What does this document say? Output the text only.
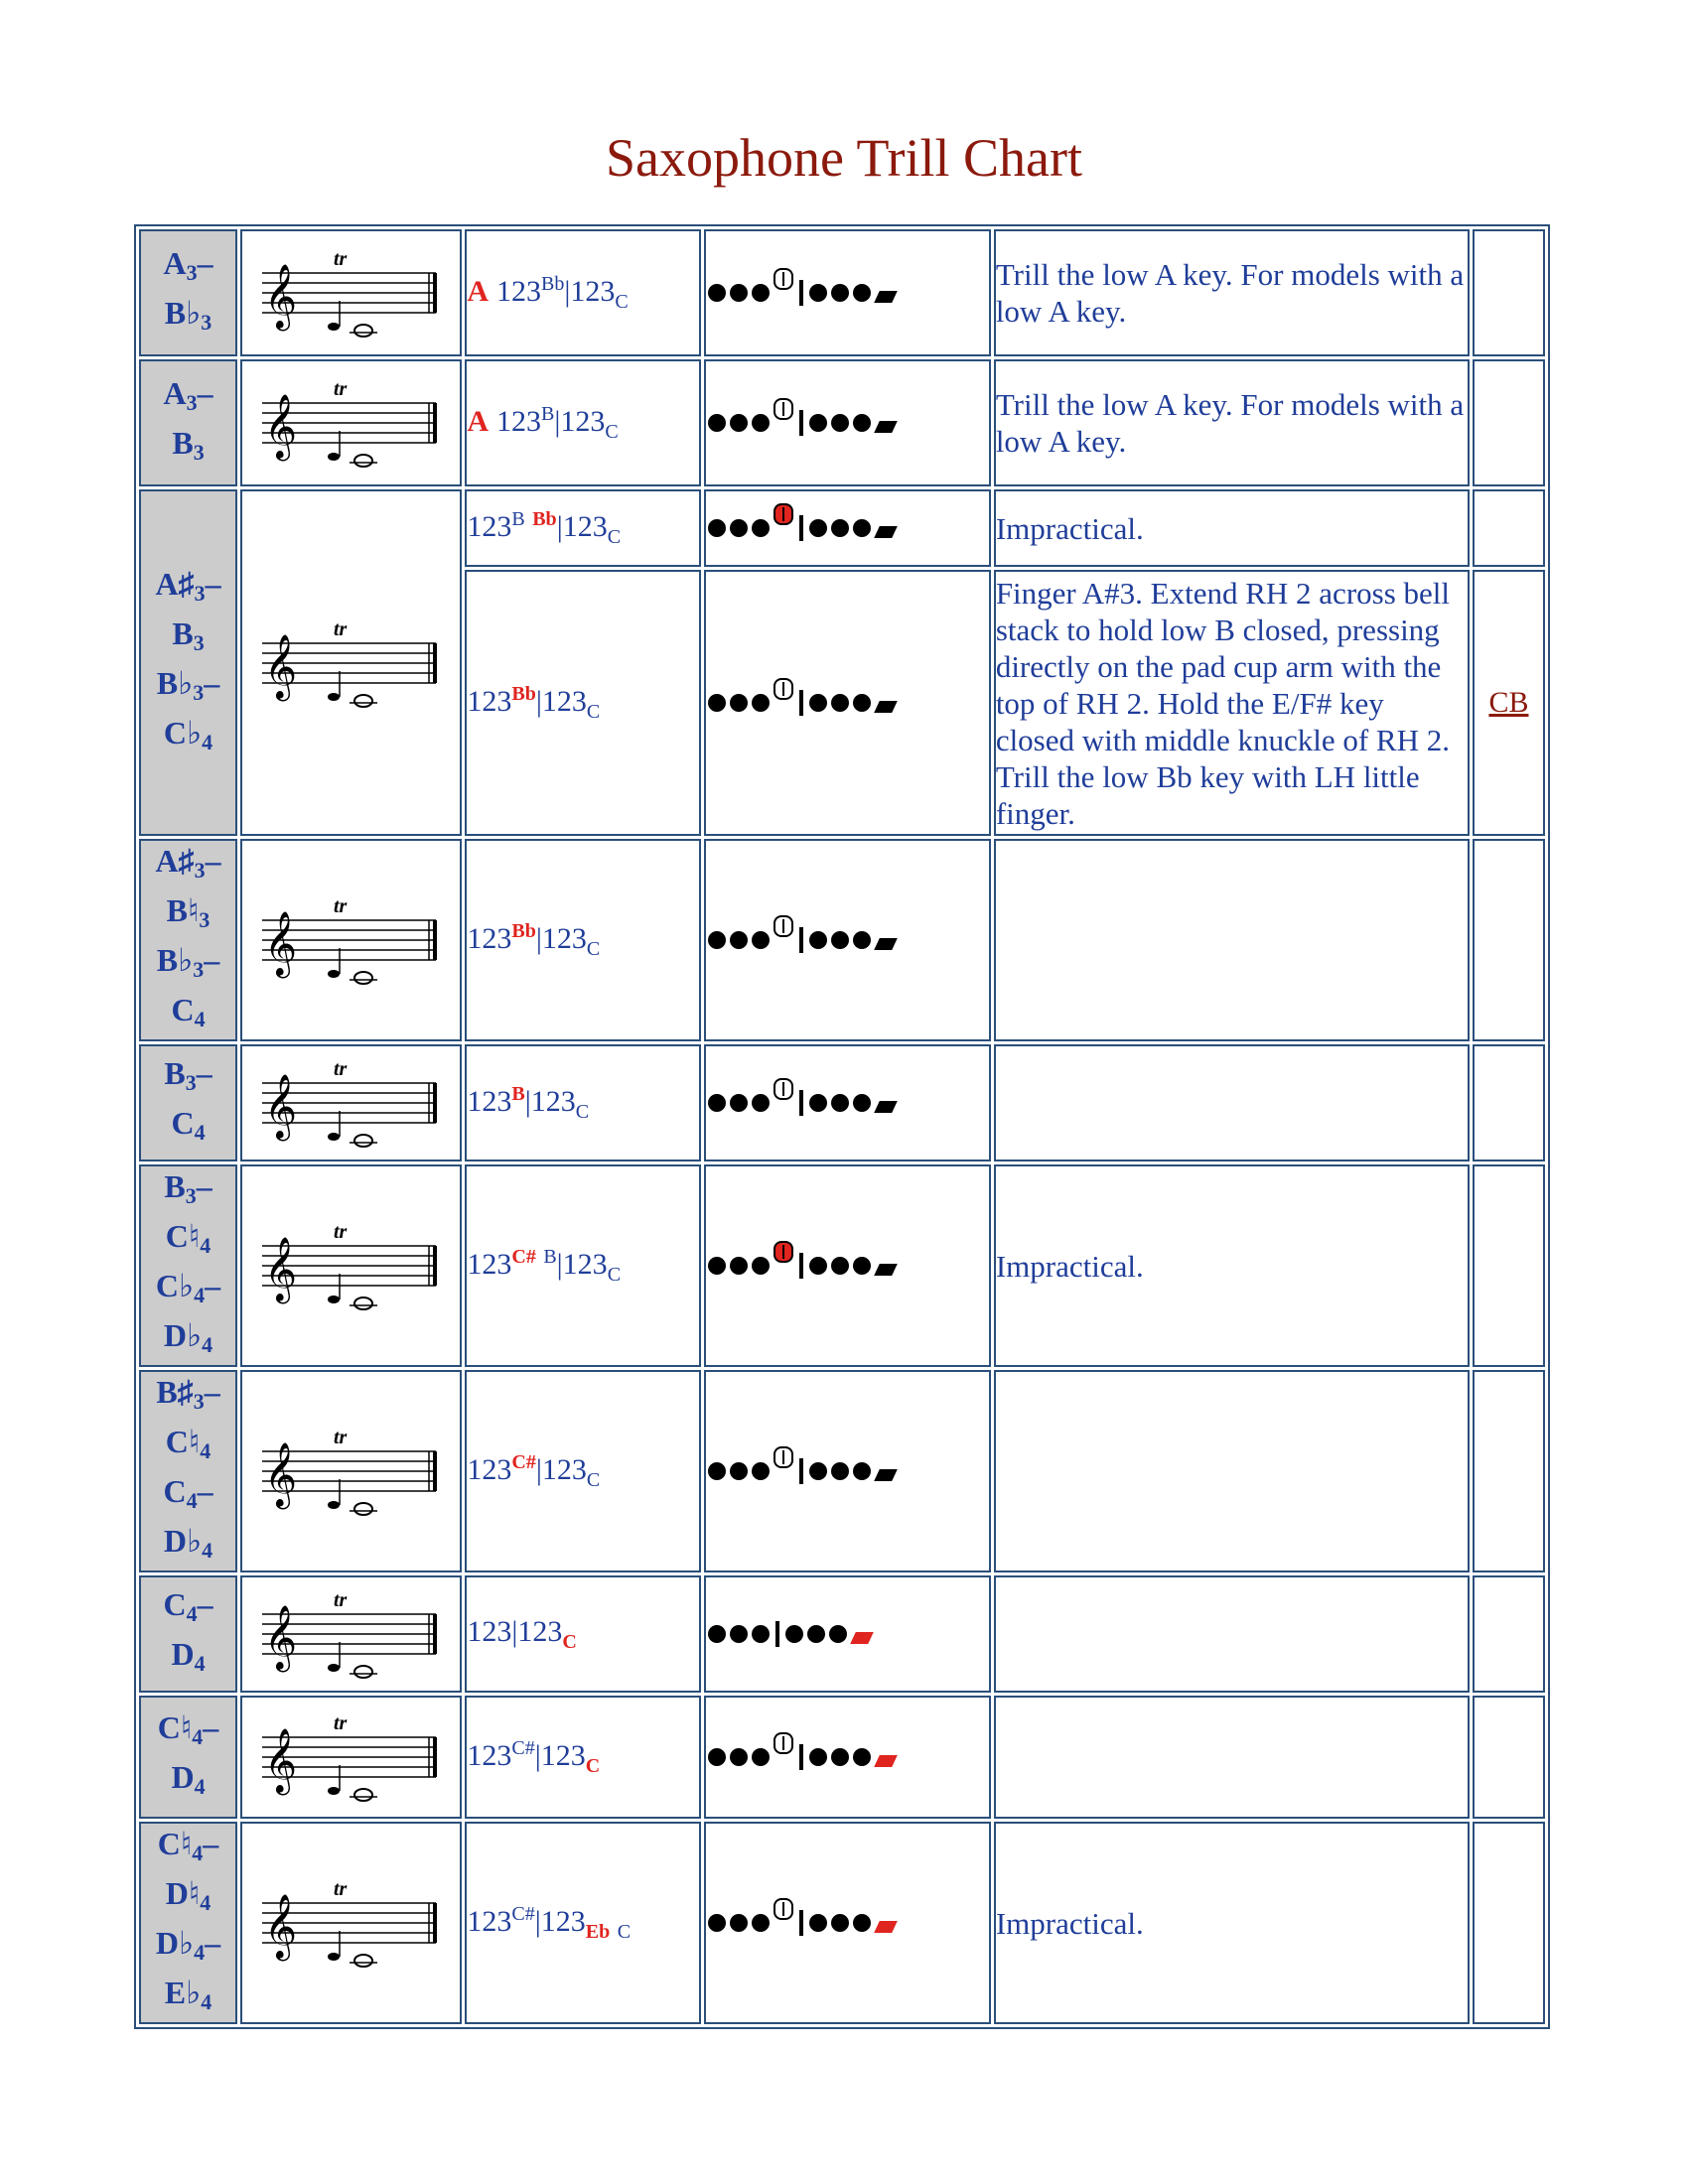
Saxophone Trill Chart
$A_3-$
$B♭_3$	𝄞
tr	A $123^{Bb}|123_C$		Trill the low A key. For models with a low A key.	
$A_3-$
$B_3$	𝄞
tr	A $123^B|123_C$		Trill the low A key. For models with a low A key.	
$A♯_3-$
$B_3$
$B♭_3-$
$C♭_4$	𝄞
tr	$123^B$ $^{Bb}|123_C$		Impractical.	
		$123^{Bb}|123_C$		Finger A#3. Extend RH 2 across bell stack to hold low B closed, pressing directly on the pad cup arm with the top of RH 2. Hold the E/F# key closed with middle knuckle of RH 2. Trill the low Bb key with LH little finger.	CB
$A♯_3-$
$B♮_3$
$B♭_3-$
$C_4$	𝄞
tr	$123^{Bb}|123_C$	

$B_3-$
$C_4$	𝄞
tr	$123^B|123_C$	

$B_3-$
$C♮_4$
$C♭_4-$
$D♭_4$	𝄞
tr	$123^{C\#}$ $^B|123_C$		Impractical.	
$B♯_3-$
$C♮_4$
$C_4-$
$D♭_4$	𝄞
tr	$123^{C\#}|123_C$	

$C_4-$
$D_4$	𝄞
tr	$123|123_C$	

$C♮_4-$
$D_4$	𝄞
tr	$123^{C\#}|123_C$	

$C♮_4-$
$D♮_4$
$D♭_4-$
$E♭_4$	𝄞
tr	$123^{C\#}|123_{Eb}$ $_C$		Impractical.	
